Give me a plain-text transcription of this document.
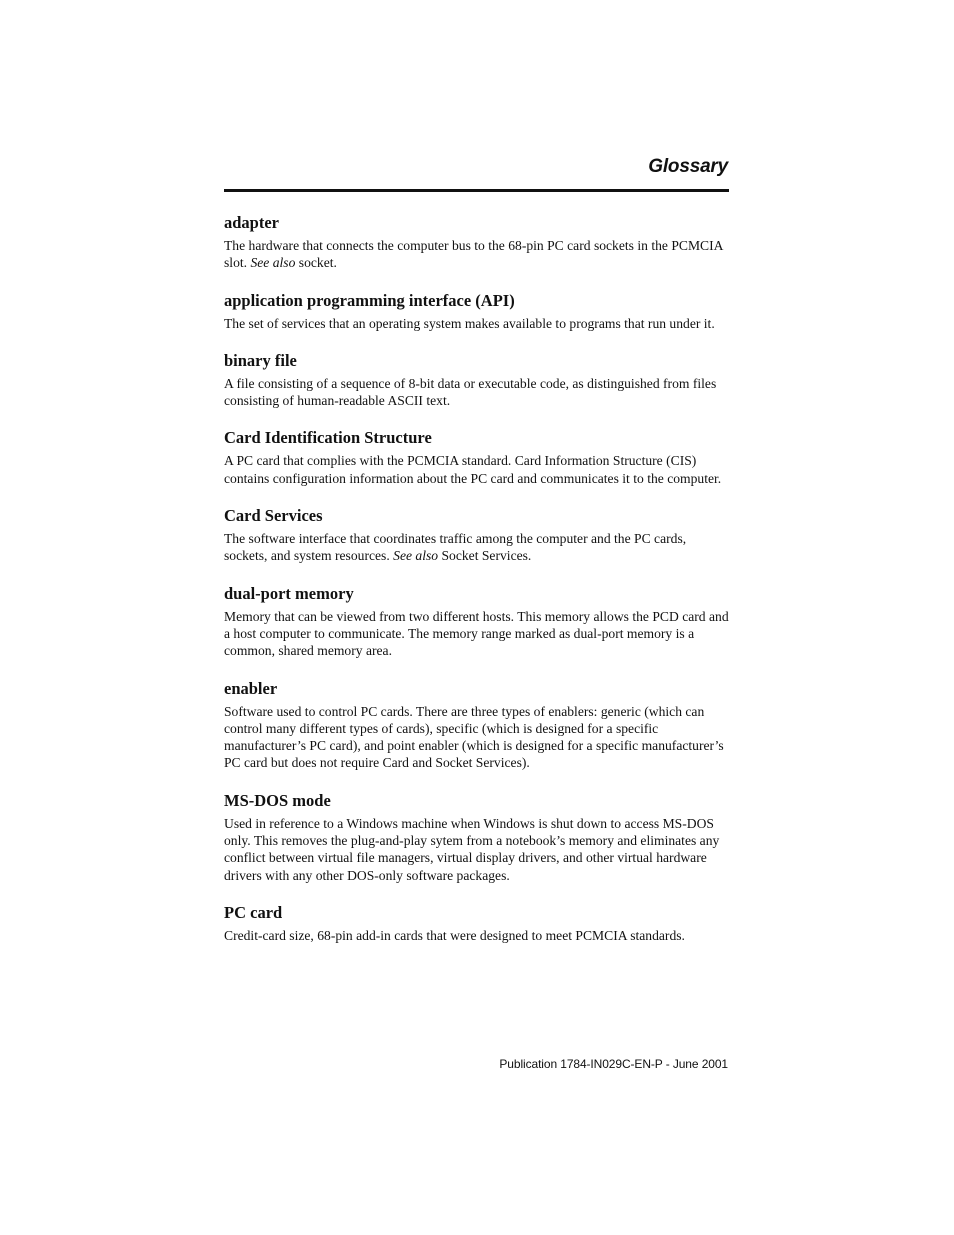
Glossary
adapter

The hardware that connects the computer bus to the 68-pin PC card sockets in the PCMCIA slot. See also socket.

application programming interface (API)

The set of services that an operating system makes available to programs that run under it.

binary file

A file consisting of a sequence of 8-bit data or executable code, as distinguished from files consisting of human-readable ASCII text.

Card Identification Structure

A PC card that complies with the PCMCIA standard. Card Information Structure (CIS) contains configuration information about the PC card and communicates it to the computer.

Card Services

The software interface that coordinates traffic among the computer and the PC cards, sockets, and system resources. See also Socket Services.

dual-port memory

Memory that can be viewed from two different hosts. This memory allows the PCD card and a host computer to communicate. The memory range marked as dual-port memory is a common, shared memory area.

enabler

Software used to control PC cards. There are three types of enablers: generic (which can control many different types of cards), specific (which is designed for a specific manufacturer’s PC card), and point enabler (which is designed for a specific manufacturer’s PC card but does not require Card and Socket Services).

MS-DOS mode

Used in reference to a Windows machine when Windows is shut down to access MS-DOS only. This removes the plug-and-play sytem from a notebook’s memory and eliminates any conflict between virtual file managers, virtual display drivers, and other virtual hardware drivers with any other DOS-only software packages.

PC card

Credit-card size, 68-pin add-in cards that were designed to meet PCMCIA standards.

Publication 1784-IN029C-EN-P - June 2001
